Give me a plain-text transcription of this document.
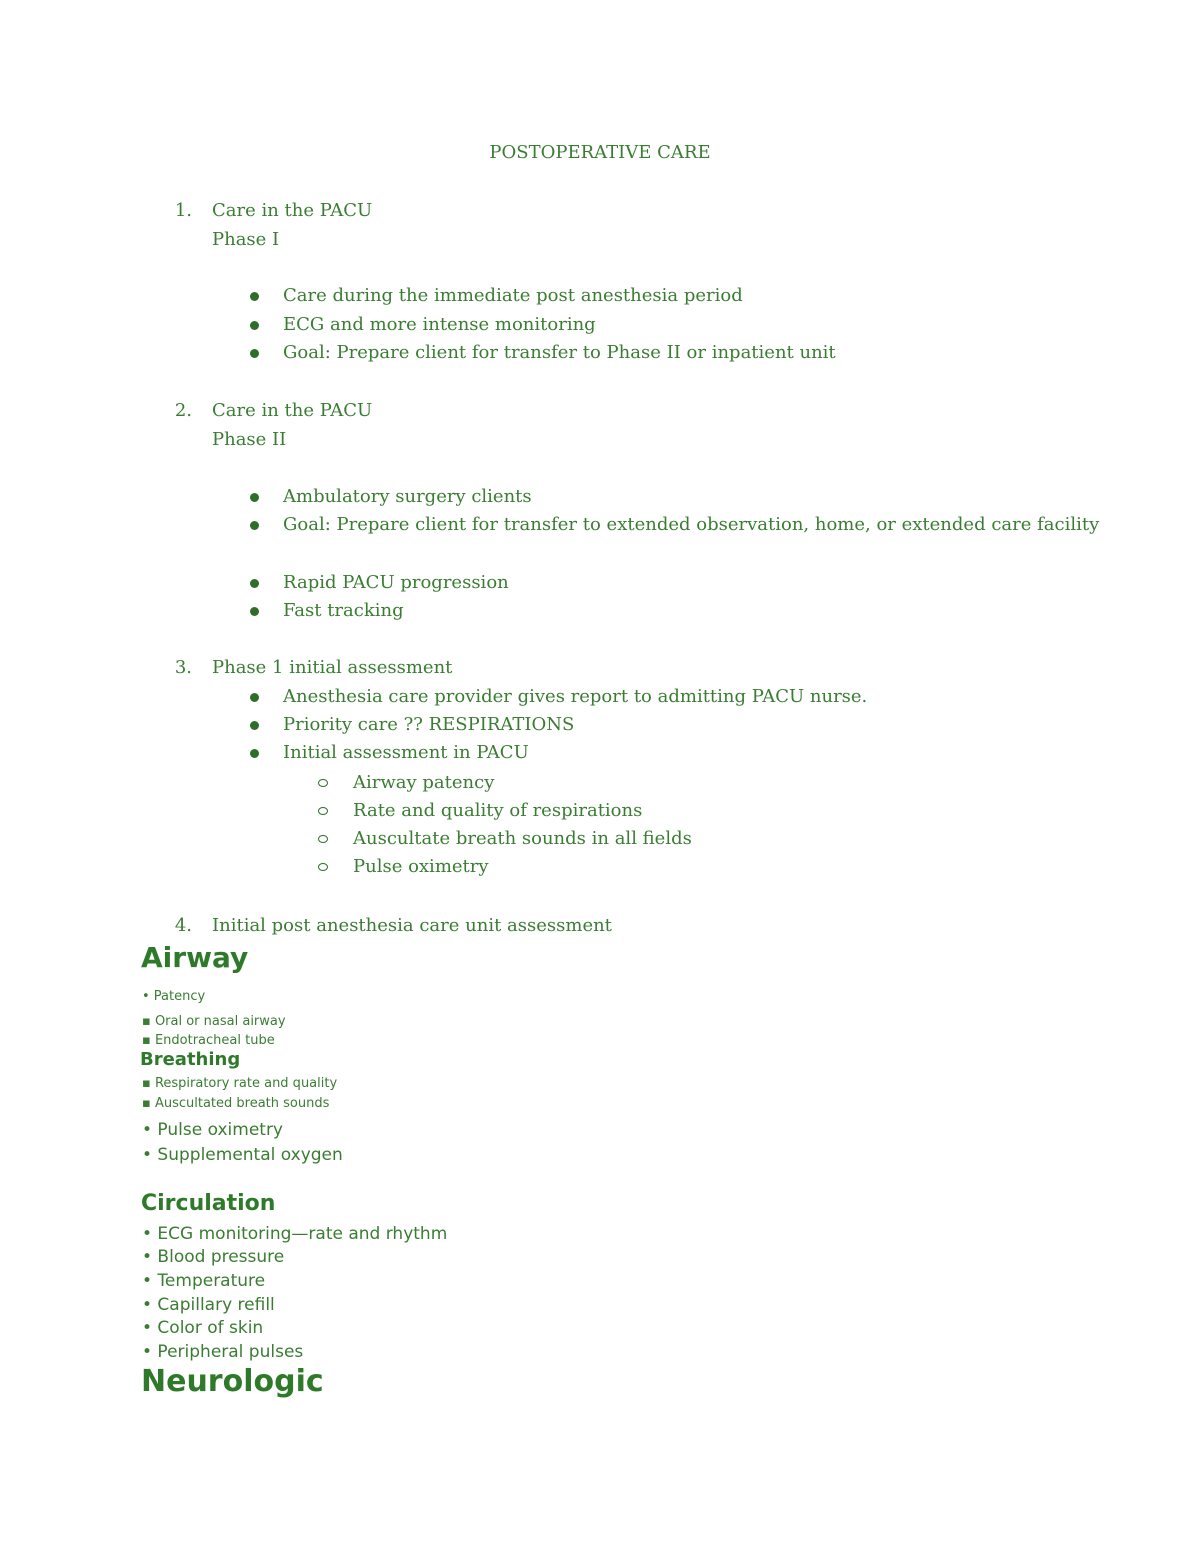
POSTOPERATIVE CARE
1. Care in the PACU
Phase I
Care during the immediate post anesthesia period
ECG and more intense monitoring
Goal: Prepare client for transfer to Phase II or inpatient unit
2. Care in the PACU
Phase II
Ambulatory surgery clients
Goal: Prepare client for transfer to extended observation, home, or extended care facility
Rapid PACU progression
Fast tracking
3. Phase 1 initial assessment
Anesthesia care provider gives report to admitting PACU nurse.
Priority care ?? RESPIRATIONS
Initial assessment in PACU
Airway patency
Rate and quality of respirations
Auscultate breath sounds in all fields
Pulse oximetry
4. Initial post anesthesia care unit assessment
Airway
• Patency
▪ Oral or nasal airway
▪ Endotracheal tube
Breathing
▪ Respiratory rate and quality
▪ Auscultated breath sounds
• Pulse oximetry
• Supplemental oxygen
Circulation
• ECG monitoring—rate and rhythm
• Blood pressure
• Temperature
• Capillary refill
• Color of skin
• Peripheral pulses
Neurologic
